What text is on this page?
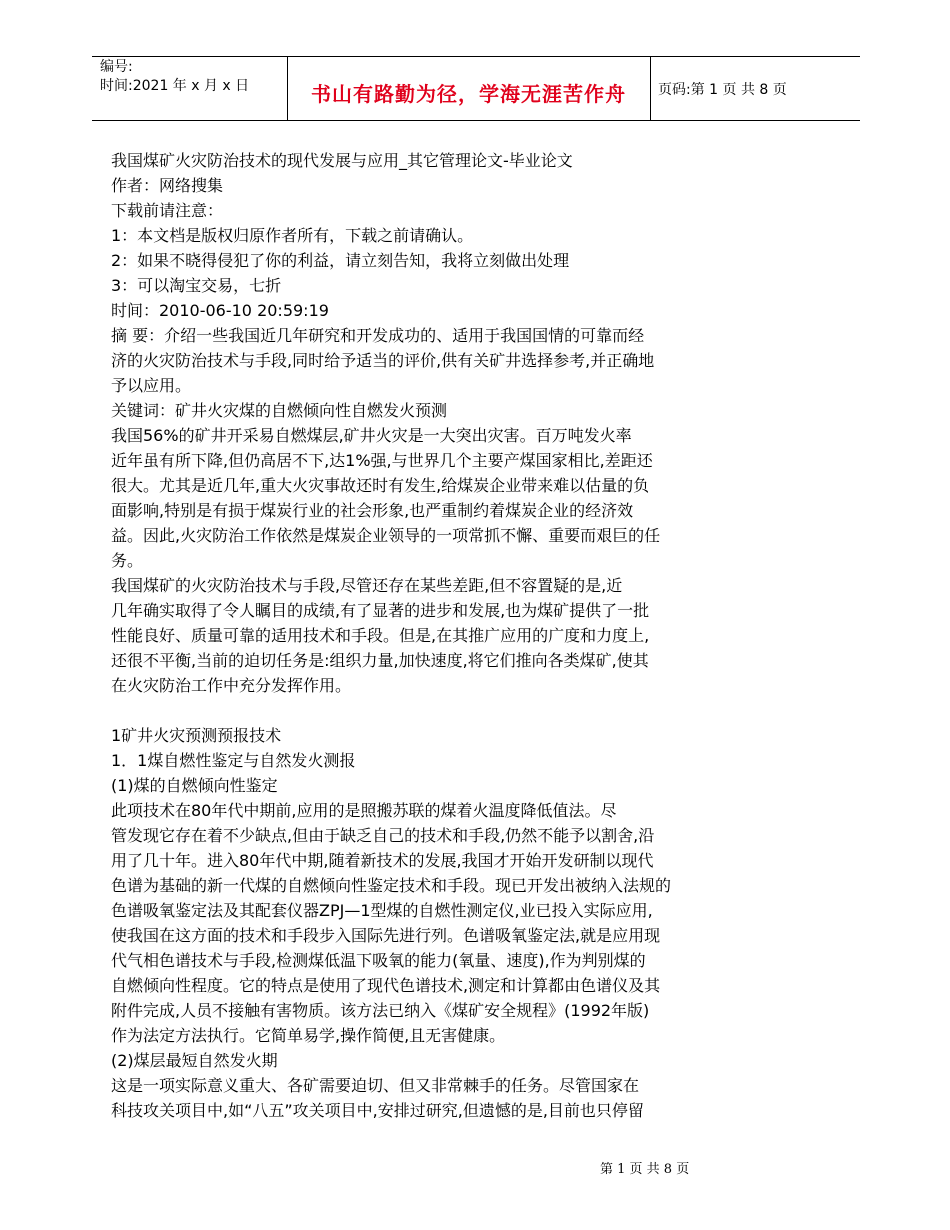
编号:
时间:2021 年 x 月 x 日	书山有路勤为径，学海无涯苦作舟	页码:第 1 页 共 8 页

我国煤矿火灾防治技术的现代发展与应用_其它管理论文-毕业论文

作者：网络搜集

下载前请注意：

1：本文档是版权归原作者所有，下载之前请确认。

2：如果不晓得侵犯了你的利益，请立刻告知，我将立刻做出处理

3：可以淘宝交易，七折

时间：2010-06-10 20:59:19

摘 要：介绍一些我国近几年研究和开发成功的、适用于我国国情的可靠而经

济的火灾防治技术与手段,同时给予适当的评价,供有关矿井选择参考,并正确地

予以应用。

关键词：矿井火灾煤的自燃倾向性自燃发火预测

我国56%的矿井开采易自燃煤层,矿井火灾是一大突出灾害。百万吨发火率

近年虽有所下降,但仍高居不下,达1%强,与世界几个主要产煤国家相比,差距还

很大。尤其是近几年,重大火灾事故还时有发生,给煤炭企业带来难以估量的负

面影响,特别是有损于煤炭行业的社会形象,也严重制约着煤炭企业的经济效

益。因此,火灾防治工作依然是煤炭企业领导的一项常抓不懈、重要而艰巨的任

务。

我国煤矿的火灾防治技术与手段,尽管还存在某些差距,但不容置疑的是,近

几年确实取得了令人瞩目的成绩,有了显著的进步和发展,也为煤矿提供了一批

性能良好、质量可靠的适用技术和手段。但是,在其推广应用的广度和力度上,

还很不平衡,当前的迫切任务是:组织力量,加快速度,将它们推向各类煤矿,使其

在火灾防治工作中充分发挥作用。

1矿井火灾预测预报技术

1．1煤自燃性鉴定与自然发火测报

(1)煤的自燃倾向性鉴定

此项技术在80年代中期前,应用的是照搬苏联的煤着火温度降低值法。尽

管发现它存在着不少缺点,但由于缺乏自己的技术和手段,仍然不能予以割舍,沿

用了几十年。进入80年代中期,随着新技术的发展,我国才开始开发研制以现代

色谱为基础的新一代煤的自燃倾向性鉴定技术和手段。现已开发出被纳入法规的

色谱吸氧鉴定法及其配套仪器ZPJ—1型煤的自燃性测定仪,业已投入实际应用,

使我国在这方面的技术和手段步入国际先进行列。色谱吸氧鉴定法,就是应用现

代气相色谱技术与手段,检测煤低温下吸氧的能力(氧量、速度),作为判别煤的

自燃倾向性程度。它的特点是使用了现代色谱技术,测定和计算都由色谱仪及其

附件完成,人员不接触有害物质。该方法已纳入《煤矿安全规程》(1992年版)

作为法定方法执行。它简单易学,操作简便,且无害健康。

(2)煤层最短自然发火期

这是一项实际意义重大、各矿需要迫切、但又非常棘手的任务。尽管国家在

科技攻关项目中,如“八五”攻关项目中,安排过研究,但遗憾的是,目前也只停留

第 1 页 共 8 页
